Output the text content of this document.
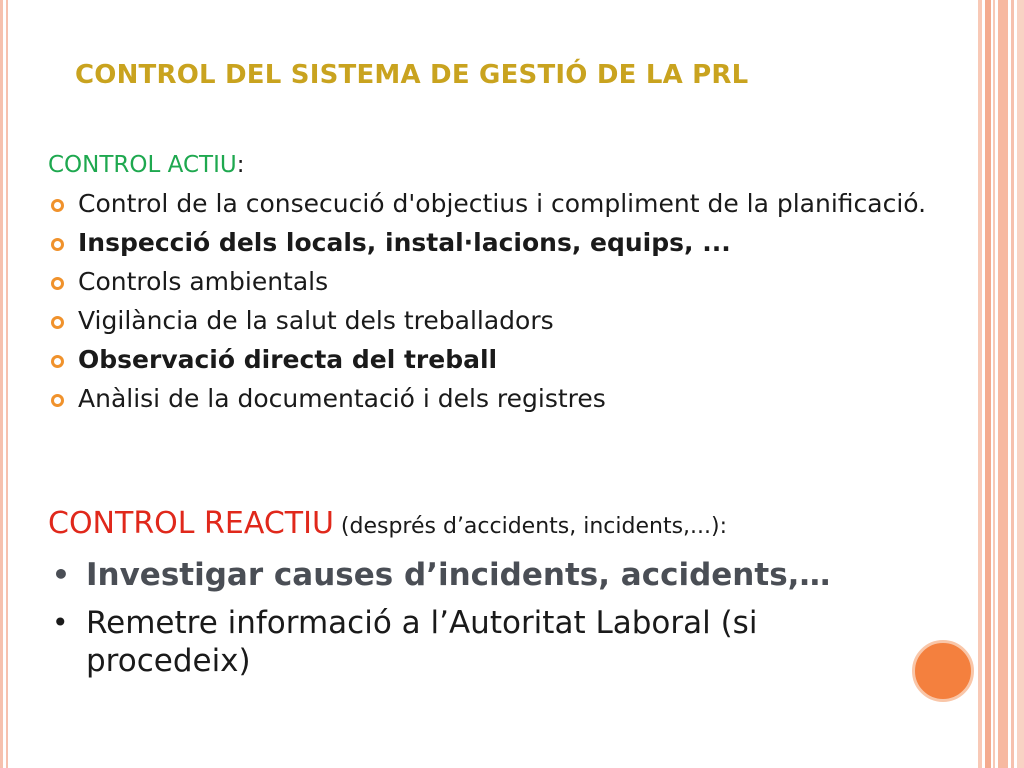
CONTROL DEL SISTEMA DE GESTIÓ DE LA PRL
CONTROL ACTIU:
Control de la consecució d'objectius i compliment de la planificació.
Inspecció dels locals, instal·lacions, equips, ...
Controls ambientals
Vigilància de la salut dels treballadors
Observació directa del treball
Anàlisi de la documentació i dels registres
CONTROL REACTIU (després d’accidents, incidents,...):
• Investigar causes d’incidents, accidents,…
• Remetre informació a l’Autoritat Laboral (si procedeix)
